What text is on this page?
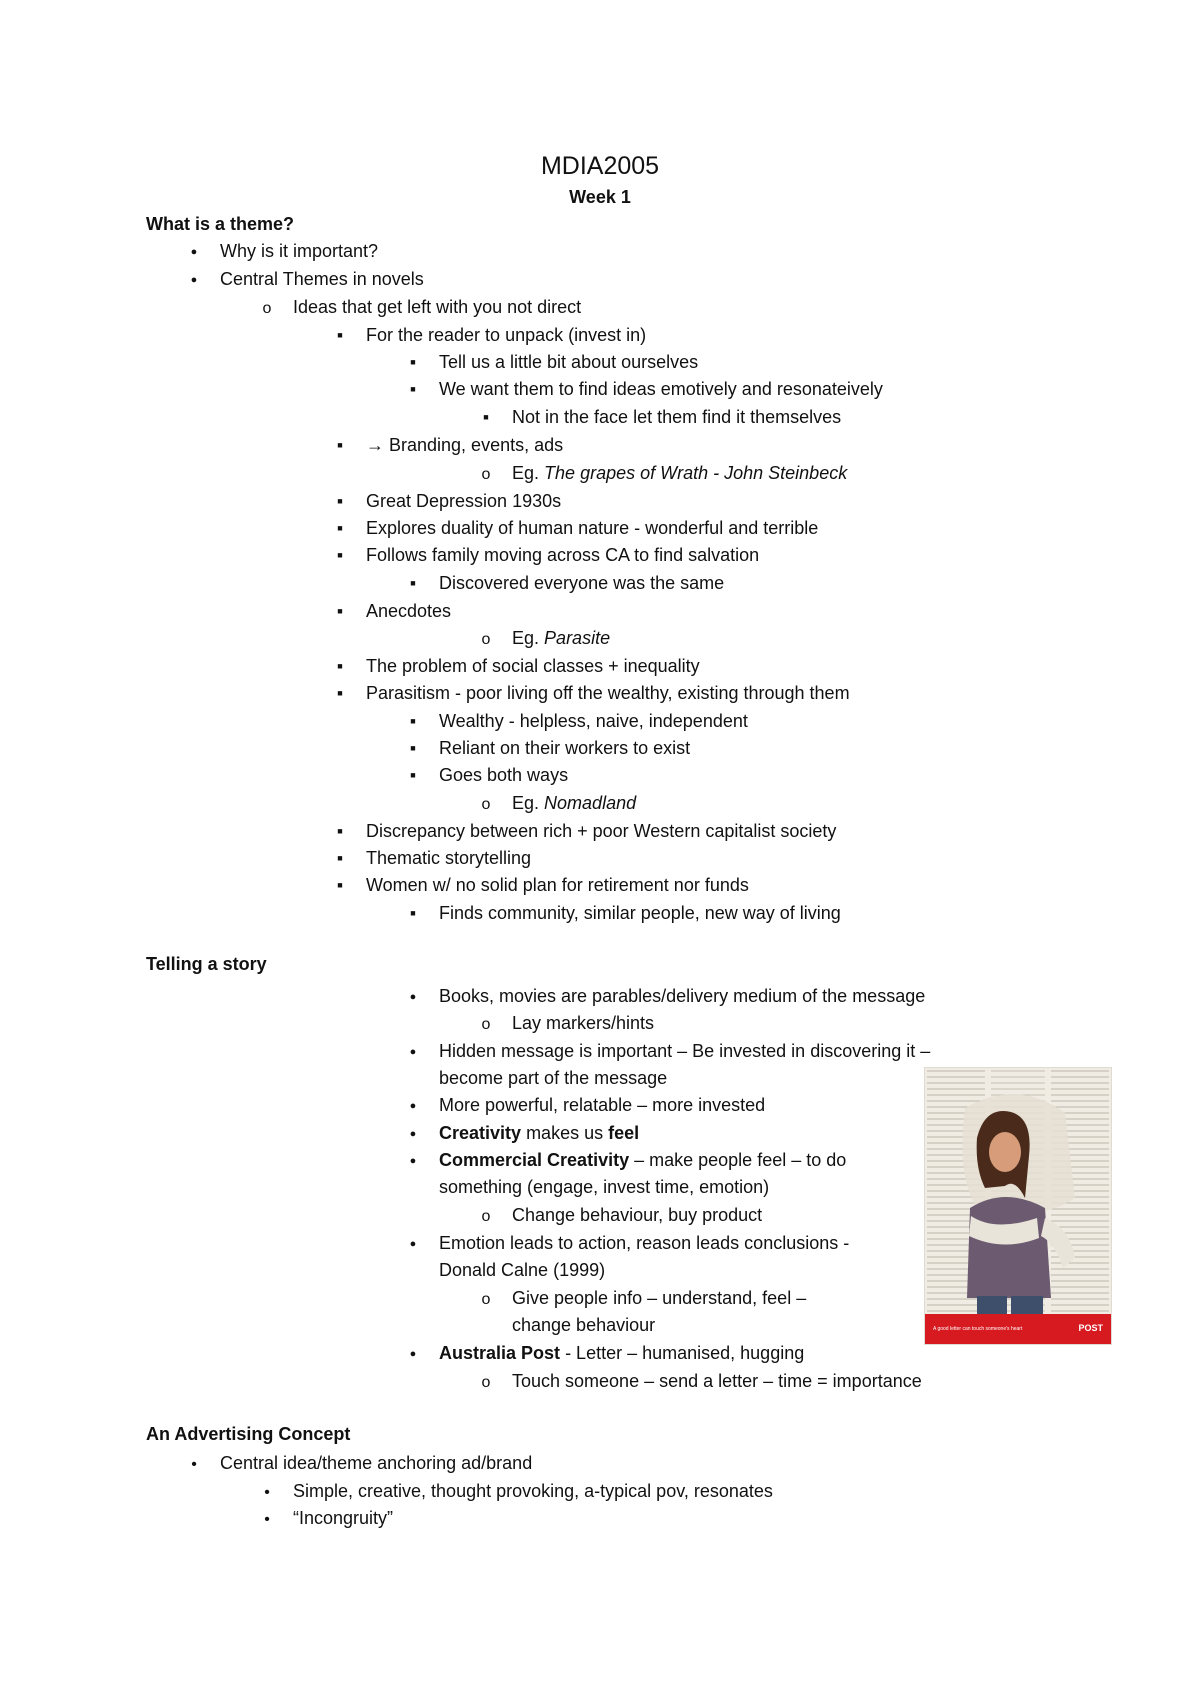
MDIA2005
Week 1
What is a theme?
Telling a story
An Advertising Concept
A good letter can touch someone's heart	POST
●
Why is it important?
●
Central Themes in novels
o
Ideas that get left with you not direct
■
For the reader to unpack (invest in)
■
Tell us a little bit about ourselves
■
We want them to find ideas emotively and resonateively
■
Not in the face let them find it themselves
■
→ Branding, events, ads
o
Eg. The grapes of Wrath - John Steinbeck
■
Great Depression 1930s
■
Explores duality of human nature - wonderful and terrible
■
Follows family moving across CA to find salvation
■
Discovered everyone was the same
■
Anecdotes
o
Eg. Parasite
■
The problem of social classes + inequality
■
Parasitism - poor living off the wealthy, existing through them
■
Wealthy - helpless, naive, independent
■
Reliant on their workers to exist
■
Goes both ways
o
Eg. Nomadland
■
Discrepancy between rich + poor Western capitalist society
■
Thematic storytelling
■
Women w/ no solid plan for retirement nor funds
■
Finds community, similar people, new way of living
●
Books, movies are parables/delivery medium of the message
o
Lay markers/hints
●
Hidden message is important – Be invested in discovering it –
become part of the message
●
More powerful, relatable – more invested
●
Creativity makes us feel
●
Commercial Creativity – make people feel – to do
something (engage, invest time, emotion)
o
Change behaviour, buy product
●
Emotion leads to action, reason leads conclusions -
Donald Calne (1999)
o
Give people info – understand, feel –
change behaviour
●
Australia Post - Letter – humanised, hugging
o
Touch someone – send a letter – time = importance
•
Central idea/theme anchoring ad/brand
•
Simple, creative, thought provoking, a-typical pov, resonates
•
“Incongruity”
